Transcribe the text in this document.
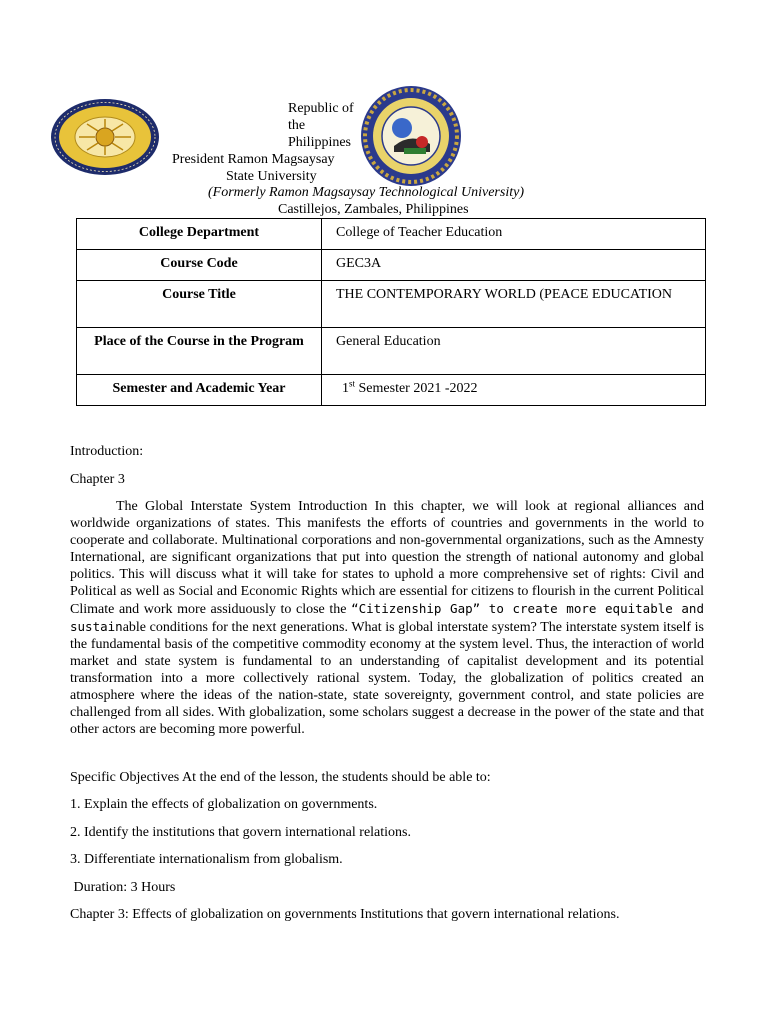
Republic of
the
Philippines
President Ramon Magsaysay
State University
(Formerly Ramon Magsaysay Technological University)
Castillejos, Zambales, Philippines
College Department	College of Teacher Education
Course Code	GEC3A
Course Title	THE CONTEMPORARY WORLD (PEACE EDUCATION
Place of the Course in the Program	General Education
Semester and Academic Year	1st Semester 2021 -2022
Introduction:
Chapter 3
The Global Interstate System Introduction In this chapter, we will look at regional alliances and worldwide organizations of states. This manifests the efforts of countries and governments in the world to cooperate and collaborate. Multinational corporations and non-governmental organizations, such as the Amnesty International, are significant organizations that put into question the strength of national autonomy and global politics. This will discuss what it will take for states to uphold a more comprehensive set of rights: Civil and Political as well as Social and Economic Rights which are essential for citizens to flourish in the current Political Climate and work more assiduously to close the “Citizenship Gap” to create more equitable and sustainable conditions for the next generations. What is global interstate system? The interstate system itself is the fundamental basis of the competitive commodity economy at the system level. Thus, the interaction of world market and state system is fundamental to an understanding of capitalist development and its potential transformation into a more collectively rational system. Today, the globalization of politics created an atmosphere where the ideas of the nation-state, state sovereignty, government control, and state policies are challenged from all sides. With globalization, some scholars suggest a decrease in the power of the state and that other actors are becoming more powerful.
Specific Objectives At the end of the lesson, the students should be able to:
1. Explain the effects of globalization on governments.
2. Identify the institutions that govern international relations.
3. Differentiate internationalism from globalism.
Duration: 3 Hours
Chapter 3: Effects of globalization on governments Institutions that govern international relations.
